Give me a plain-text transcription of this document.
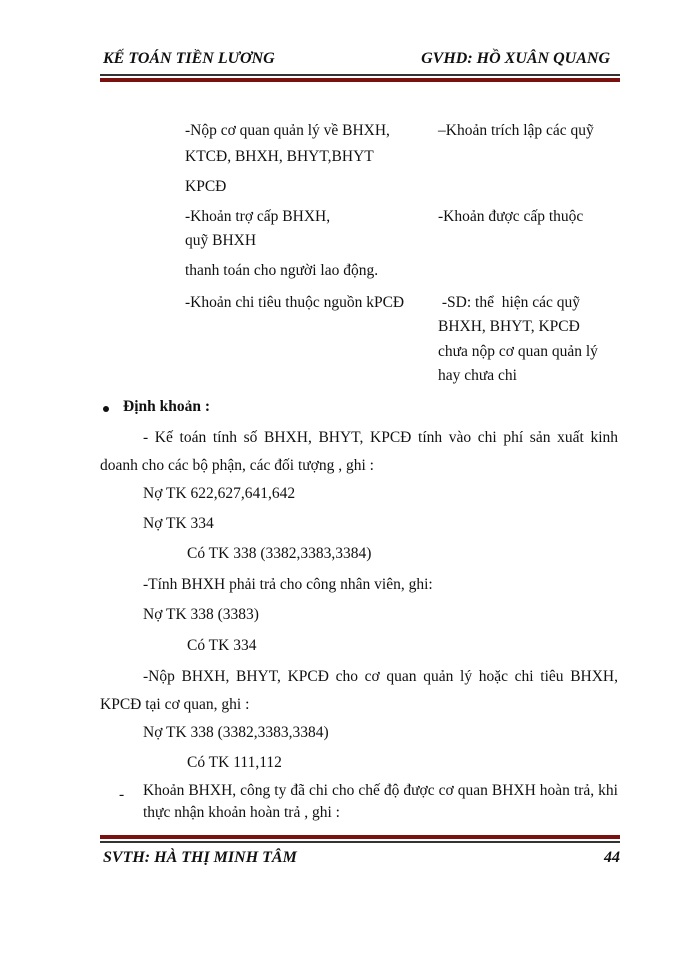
KẾ TOÁN TIỀN LƯƠNG	GVHD: HỒ XUÂN QUANG
-Nộp cơ quan quản lý về BHXH,
KTCĐ, BHXH, BHYT,BHYT
KPCĐ
-Khoản trợ cấp BHXH,
quỹ BHXH
thanh toán cho người lao động.
-Khoản chi tiêu thuộc nguồn kPCĐ
–Khoản trích lập các quỹ
-Khoản được cấp thuộc
-SD: thể  hiện các quỹ
BHXH, BHYT, KPCĐ
chưa nộp cơ quan quản lý
hay chưa chi
Định khoản :
- Kế toán tính số BHXH, BHYT, KPCĐ tính vào chi phí sản xuất kinh doanh cho các bộ phận, các đối tượng , ghi :
Nợ TK 622,627,641,642
Nợ TK 334
Có TK 338 (3382,3383,3384)
-Tính BHXH phải trả cho công nhân viên, ghi:
Nợ TK 338 (3383)
Có TK 334
-Nộp BHXH, BHYT, KPCĐ cho cơ quan quản lý hoặc chi tiêu BHXH, KPCĐ tại cơ quan, ghi :
Nợ TK 338 (3382,3383,3384)
Có TK 111,112
- Khoản BHXH, công ty đã chi cho chế độ được cơ quan BHXH hoàn trả, khi thực nhận khoản hoàn trả , ghi :
SVTH: HÀ THỊ MINH TÂM	44
